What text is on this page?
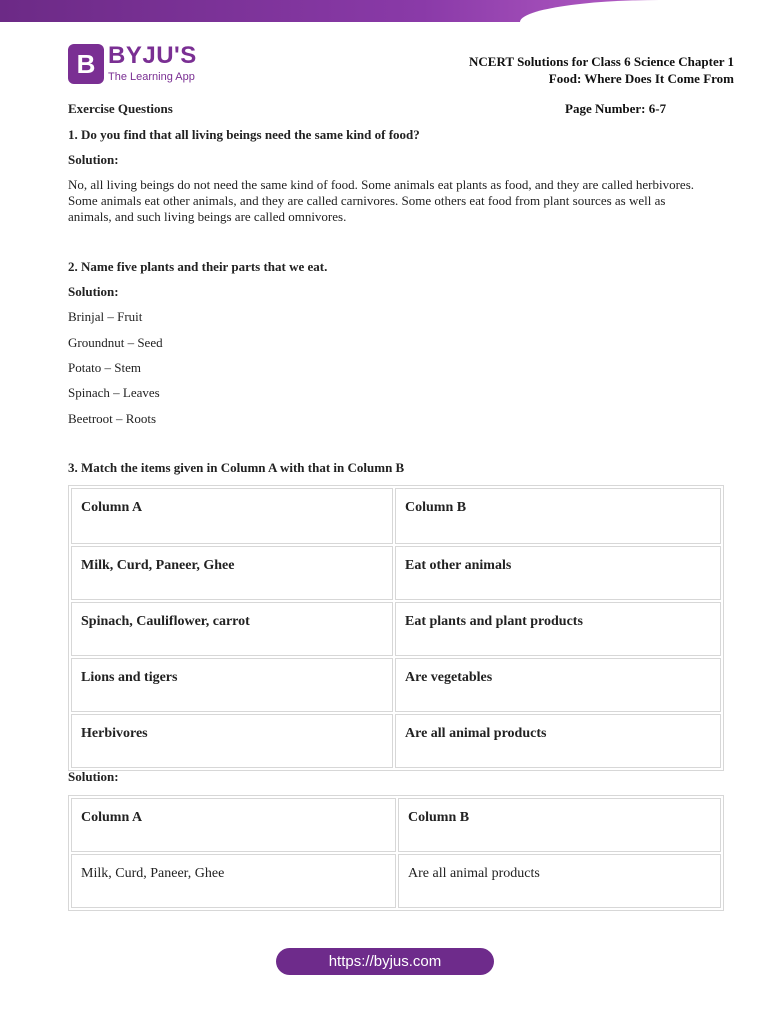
B BYJU'S
The Learning App
NCERT Solutions for Class 6 Science Chapter 1
Food: Where Does It Come From
Exercise Questions	Page Number: 6-7
1. Do you find that all living beings need the same kind of food?
Solution:
No, all living beings do not need the same kind of food. Some animals eat plants as food, and they are called herbivores. Some animals eat other animals, and they are called carnivores. Some others eat food from plant sources as well as animals, and such living beings are called omnivores.
2. Name five plants and their parts that we eat.
Solution:
Brinjal – Fruit
Groundnut – Seed
Potato – Stem
Spinach – Leaves
Beetroot – Roots
3. Match the items given in Column A with that in Column B
Column A	Column B
Milk, Curd, Paneer, Ghee	Eat other animals
Spinach, Cauliflower, carrot	Eat plants and plant products
Lions and tigers	Are vegetables
Herbivores	Are all animal products
Solution:
Column A	Column B
Milk, Curd, Paneer, Ghee	Are all animal products
https://byjus.com
